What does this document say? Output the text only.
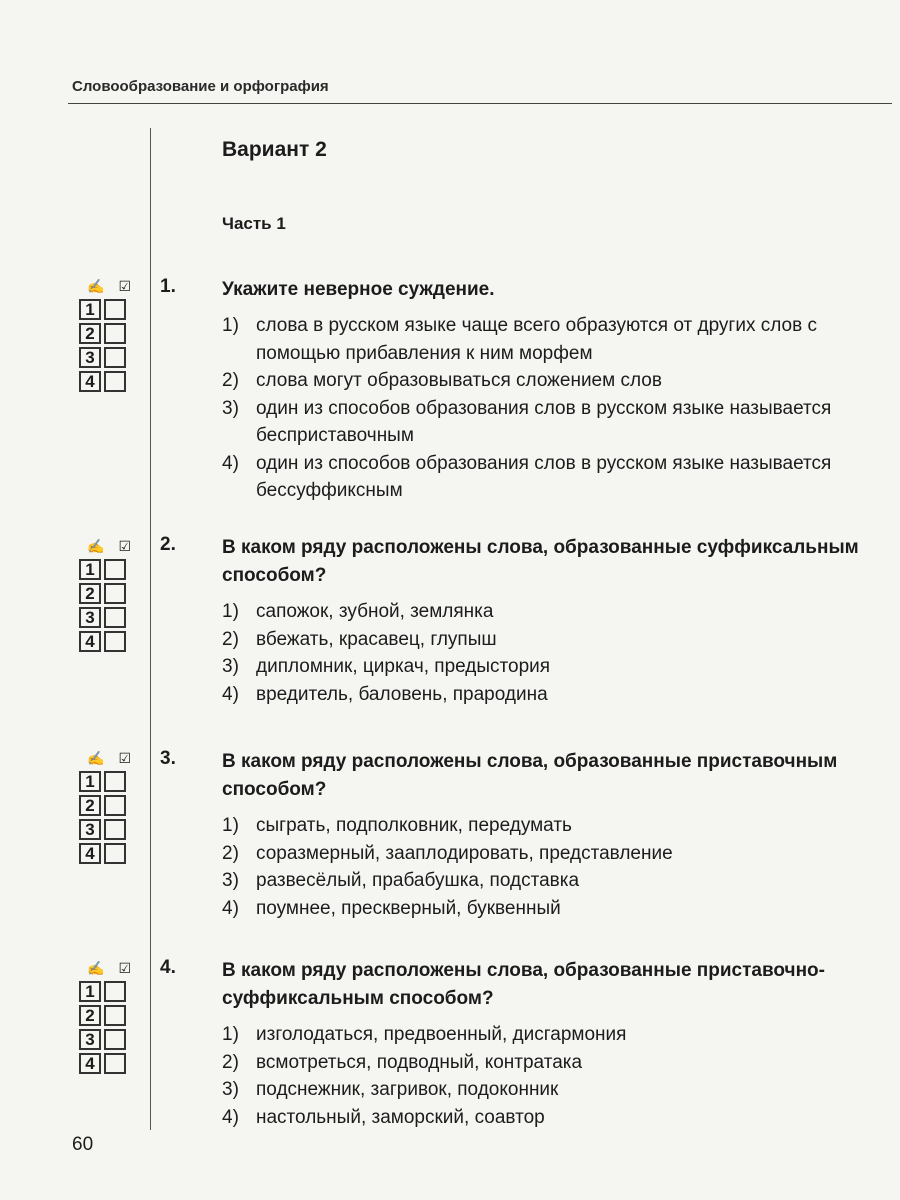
Словообразование и орфография
Вариант 2
Часть 1
1. Укажите неверное суждение.
1) слова в русском языке чаще всего образуются от других слов с помощью прибавления к ним морфем
2) слова могут образовываться сложением слов
3) один из способов образования слов в русском языке называется бесприставочным
4) один из способов образования слов в русском языке называется бессуффиксным
2. В каком ряду расположены слова, образованные суффиксальным способом?
1) сапожок, зубной, землянка
2) вбежать, красавец, глупыш
3) дипломник, циркач, предыстория
4) вредитель, баловень, прародина
3. В каком ряду расположены слова, образованные приставочным способом?
1) сыграть, подполковник, передумать
2) соразмерный, зааплодировать, представление
3) развесёлый, прабабушка, подставка
4) поумнее, прескверный, буквенный
4. В каком ряду расположены слова, образованные приставочно-суффиксальным способом?
1) изголодаться, предвоенный, дисгармония
2) всмотреться, подводный, контратака
3) подснежник, загривок, подоконник
4) настольный, заморский, соавтор
60
✍ ☑
1
2
3
4
✍ ☑
1
2
3
4
✍ ☑
1
2
3
4
✍ ☑
1
2
3
4
